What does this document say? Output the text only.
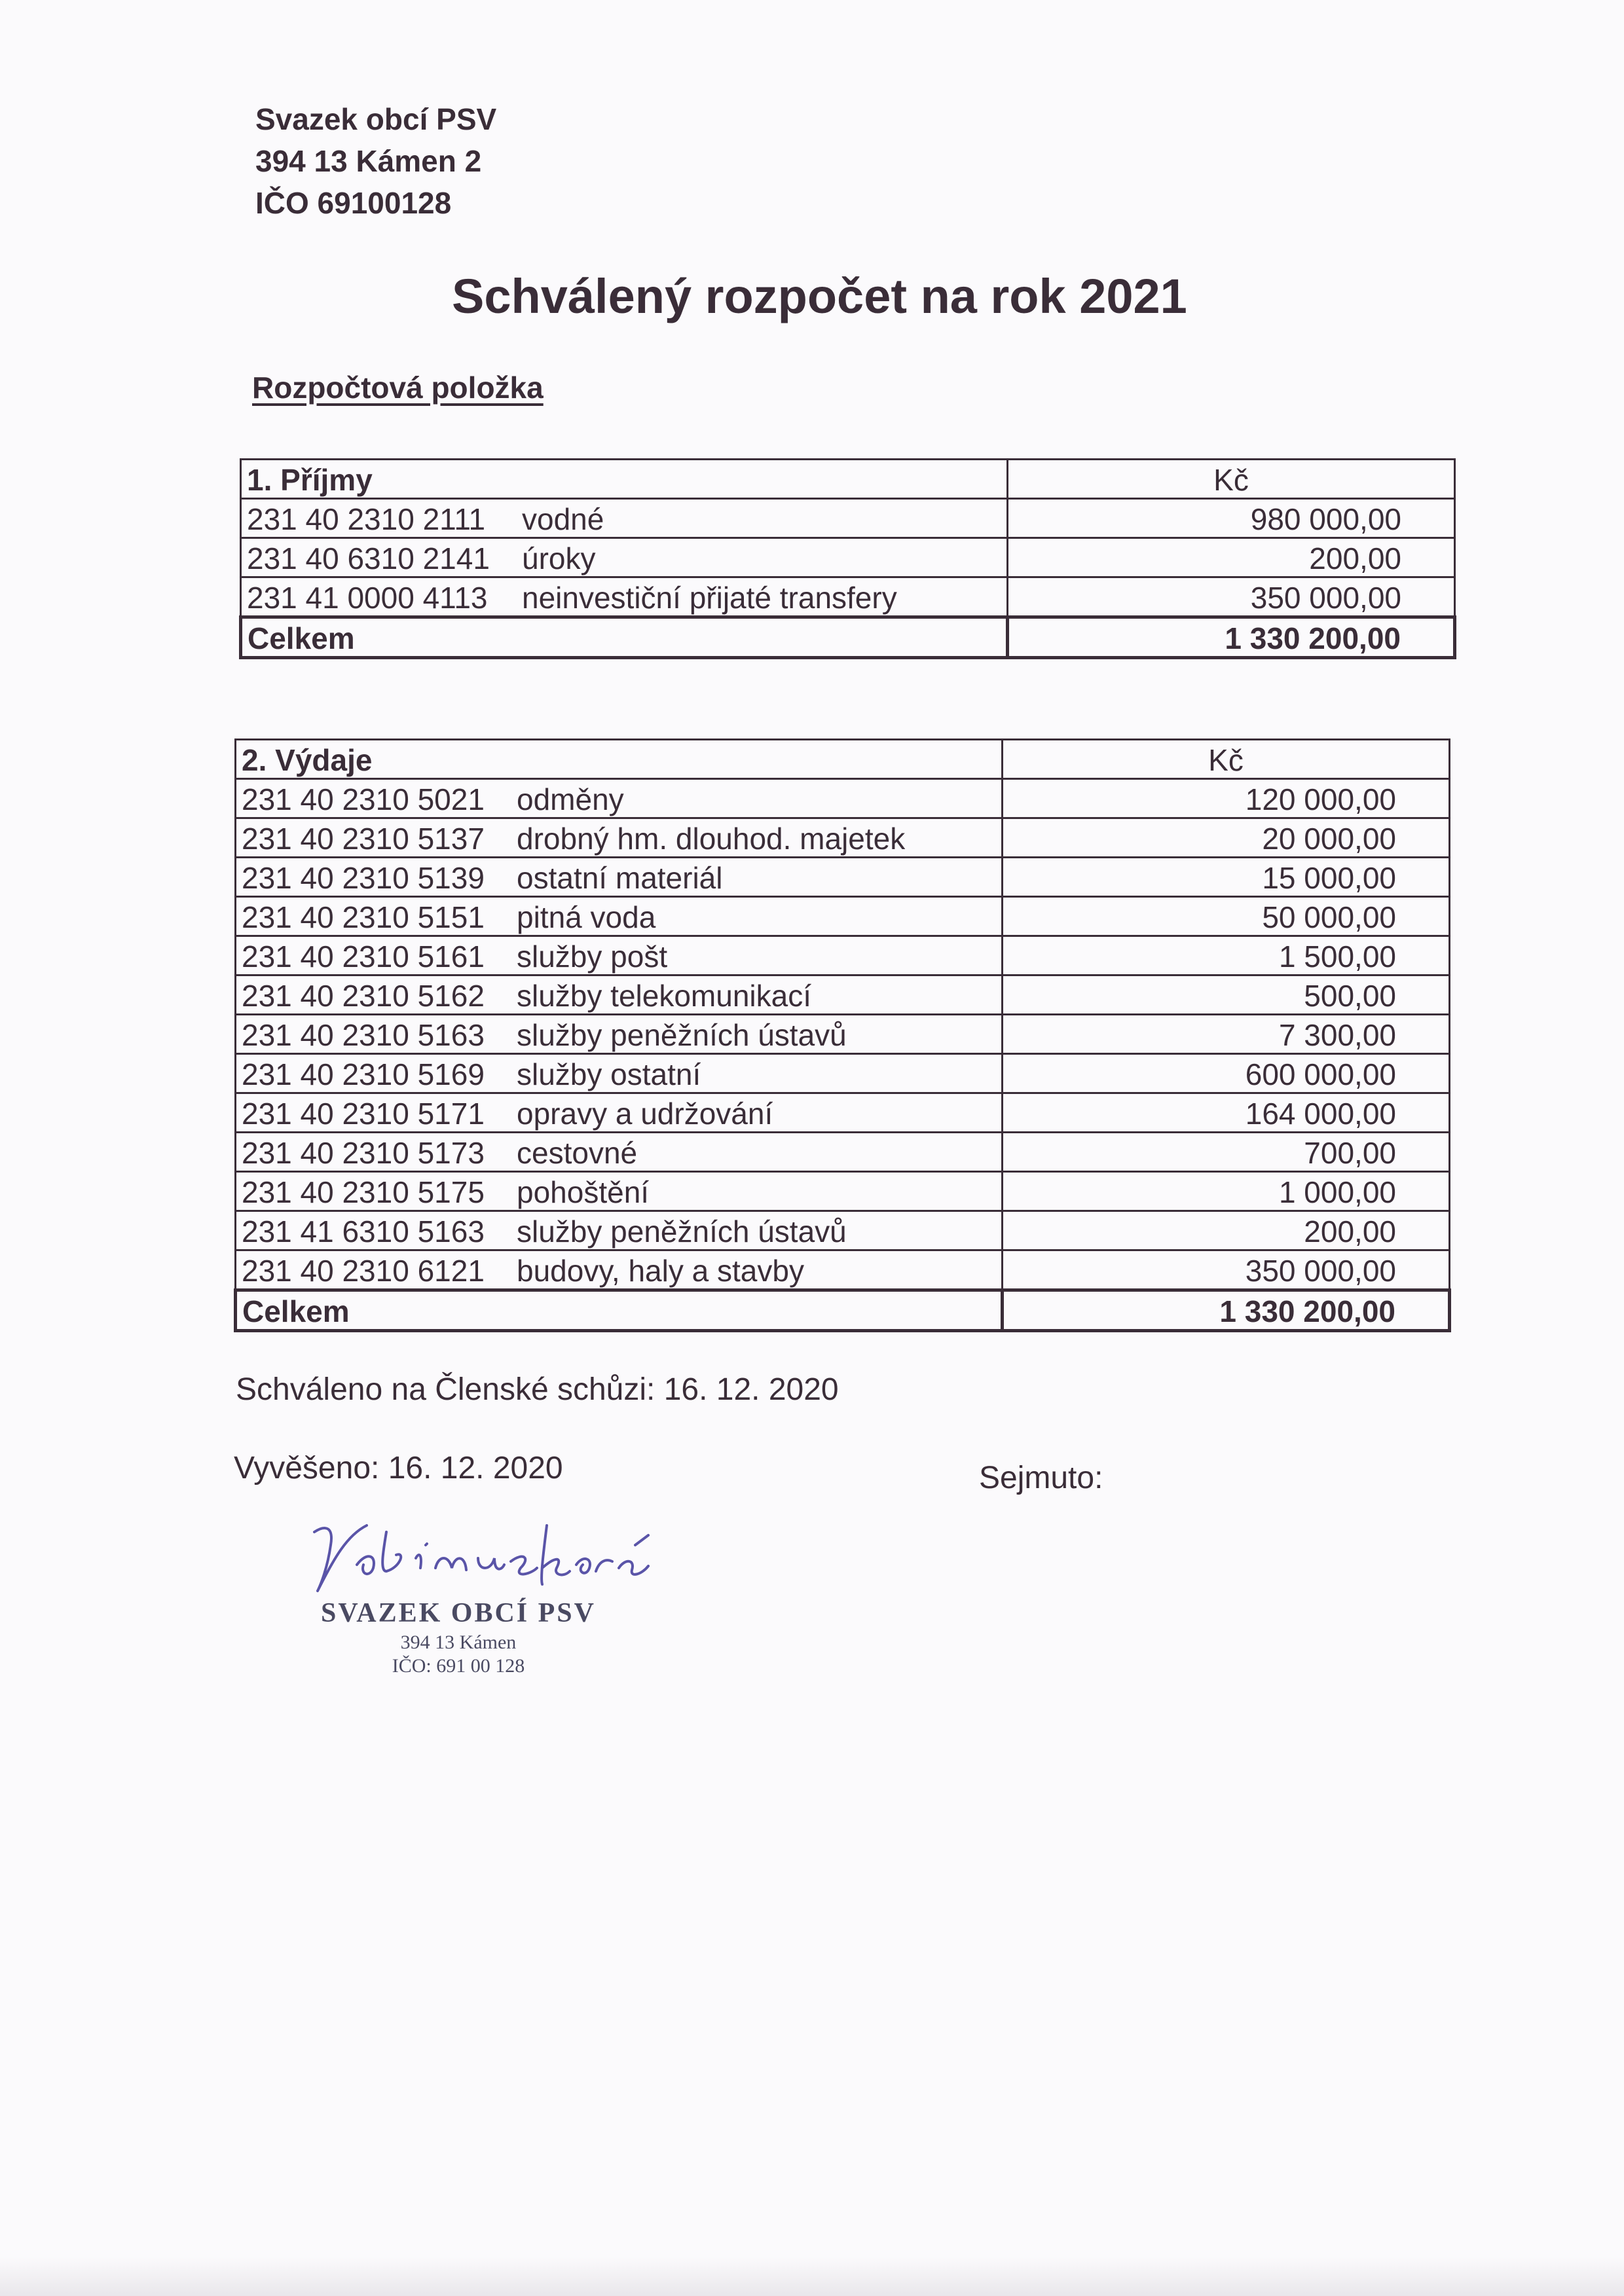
Svazek obcí PSV
394 13 Kámen 2
IČO 69100128
Schválený rozpočet na rok 2021
Rozpočtová položka
1. Příjmy	Kč
231 40 2310 2111 vodné	980 000,00
231 40 6310 2141 úroky	200,00
231 41 0000 4113 neinvestiční přijaté transfery	350 000,00
Celkem	1 330 200,00
2. Výdaje	Kč
231 40 2310 5021 odměny	120 000,00
231 40 2310 5137 drobný hm. dlouhod. majetek	20 000,00
231 40 2310 5139 ostatní materiál	15 000,00
231 40 2310 5151 pitná voda	50 000,00
231 40 2310 5161 služby pošt	1 500,00
231 40 2310 5162 služby telekomunikací	500,00
231 40 2310 5163 služby peněžních ústavů	7 300,00
231 40 2310 5169 služby ostatní	600 000,00
231 40 2310 5171 opravy a udržování	164 000,00
231 40 2310 5173 cestovné	700,00
231 40 2310 5175 pohoštění	1 000,00
231 41 6310 5163 služby peněžních ústavů	200,00
231 40 2310 6121 budovy, haly a stavby	350 000,00
Celkem	1 330 200,00
Schváleno na Členské schůzi: 16. 12. 2020
Vyvěšeno: 16. 12. 2020	Sejmuto:
SVAZEK OBCÍ PSV
394 13 Kámen
IČO: 691 00 128
